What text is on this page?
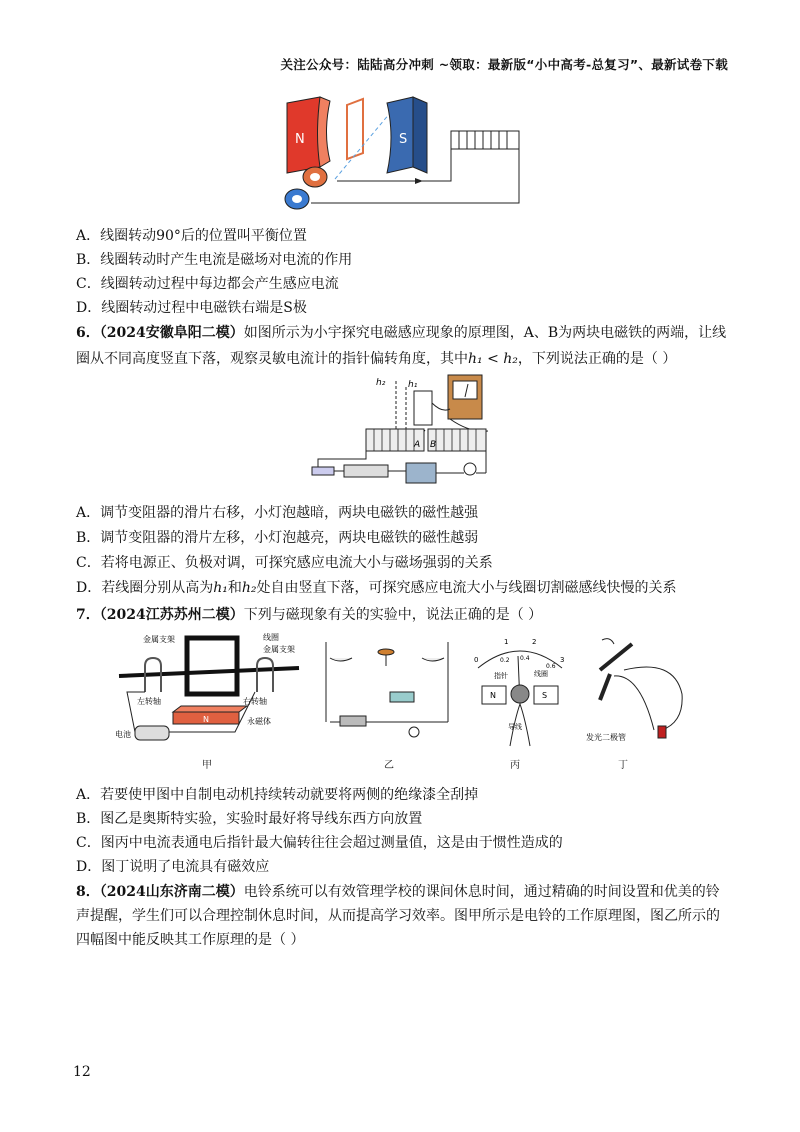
关注公众号：陆陆高分冲刺 ~领取：最新版“小中高考-总复习”、最新试卷下载
N	S
A．线圈转动90°后的位置叫平衡位置
B．线圈转动时产生电流是磁场对电流的作用
C．线圈转动过程中每边都会产生感应电流
D．线圈转动过程中电磁铁右端是S极
6．（2024安徽阜阳二模）如图所示为小宇探究电磁感应现象的原理图，A、B为两块电磁铁的两端，让线
圈从不同高度竖直下落，观察灵敏电流计的指针偏转角度，其中h₁ < h₂，下列说法正确的是（ ）
h₂	h₁
A B
A．调节变阻器的滑片右移，小灯泡越暗，两块电磁铁的磁性越强
B．调节变阻器的滑片左移，小灯泡越亮，两块电磁铁的磁性越弱
C．若将电源正、负极对调，可探究感应电流大小与磁场强弱的关系
D．若线圈分别从高为h₁和h₂处自由竖直下落，可探究感应电流大小与线圈切割磁感线快慢的关系
7．（2024江苏苏州二模）下列与磁现象有关的实验中，说法正确的是（ ）
金属支架	线圈
金属支架
左转轴	右转轴
N	永磁体
电池
甲	乙
0
1	2
3
0.2 0.4
0.6
指针	线圈
N	S
导线
丙
发光二极管
丁
A．若要使甲图中自制电动机持续转动就要将两侧的绝缘漆全刮掉
B．图乙是奥斯特实验，实验时最好将导线东西方向放置
C．图丙中电流表通电后指针最大偏转往往会超过测量值，这是由于惯性造成的
D．图丁说明了电流具有磁效应
8．（2024山东济南二模）电铃系统可以有效管理学校的课间休息时间，通过精确的时间设置和优美的铃
声提醒，学生们可以合理控制休息时间，从而提高学习效率。图甲所示是电铃的工作原理图，图乙所示的
四幅图中能反映其工作原理的是（ ）
12
